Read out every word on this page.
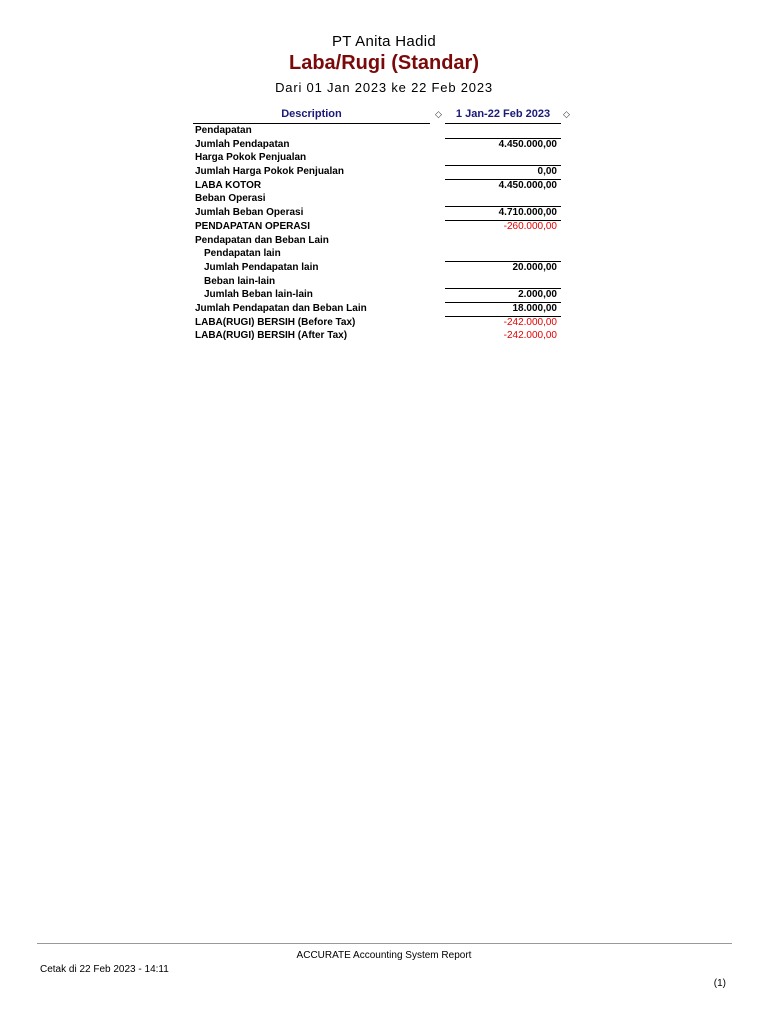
PT Anita Hadid
Laba/Rugi (Standar)
Dari 01 Jan 2023 ke 22 Feb 2023
Description	◇	1 Jan-22 Feb 2023	◇
Pendapatan
Jumlah Pendapatan	4.450.000,00
Harga Pokok Penjualan
Jumlah Harga Pokok Penjualan	0,00
LABA KOTOR	4.450.000,00
Beban Operasi
Jumlah Beban Operasi	4.710.000,00
PENDAPATAN OPERASI	-260.000,00
Pendapatan dan Beban Lain
Pendapatan lain
Jumlah Pendapatan lain	20.000,00
Beban lain-lain
Jumlah Beban lain-lain	2.000,00
Jumlah Pendapatan dan Beban Lain	18.000,00
LABA(RUGI) BERSIH (Before Tax)	-242.000,00
LABA(RUGI) BERSIH (After Tax)	-242.000,00
ACCURATE Accounting System Report
Cetak di 22 Feb 2023 - 14:11
(1)
